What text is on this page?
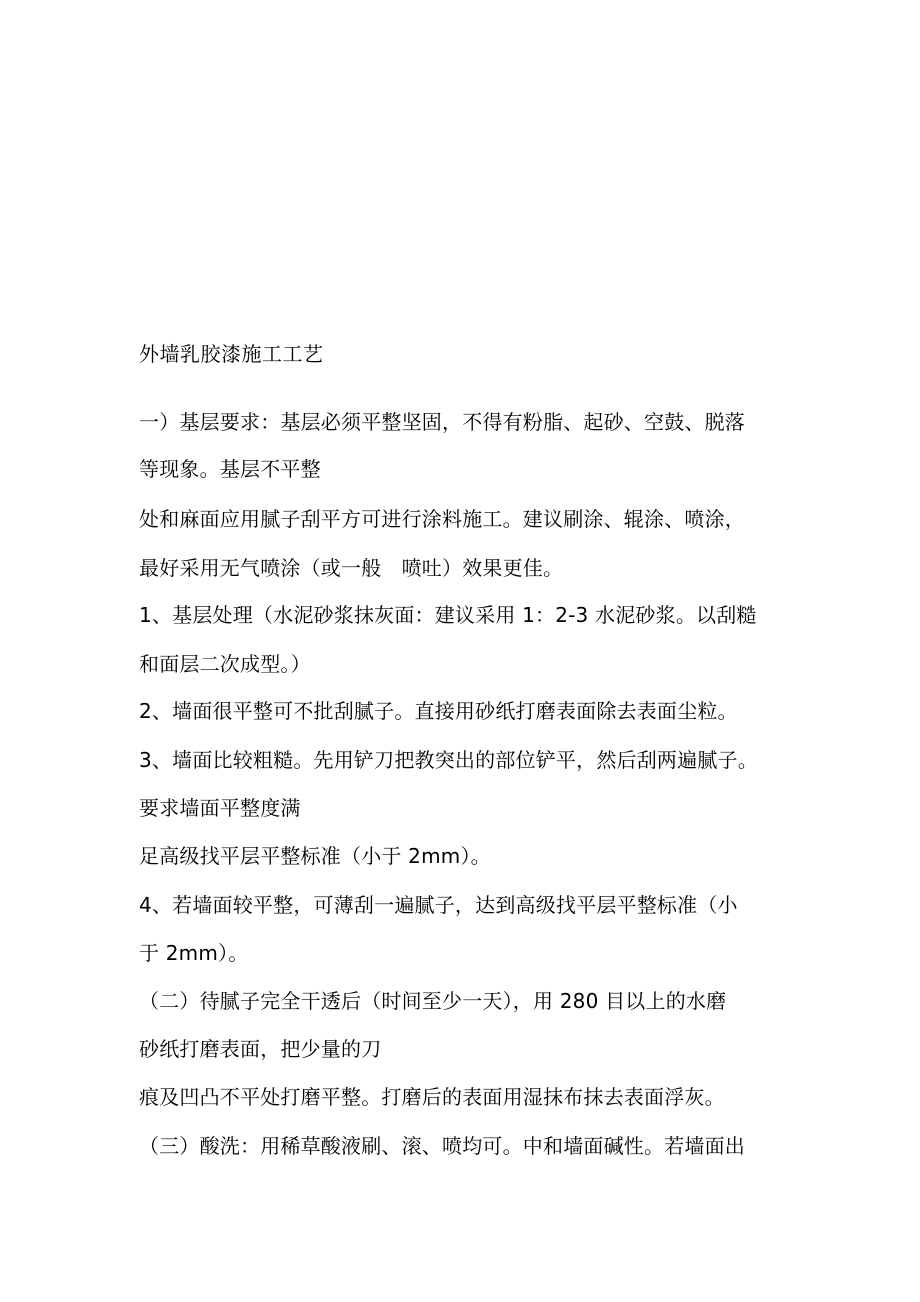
外墙乳胶漆施工工艺
一）基层要求：基层必须平整坚固，不得有粉脂、起砂、空鼓、脱落
等现象。基层不平整
处和麻面应用腻子刮平方可进行涂料施工。建议刷涂、辊涂、喷涂，
最好采用无气喷涂（或一般　喷吐）效果更佳。
1、基层处理（水泥砂浆抹灰面：建议采用 1：2-3 水泥砂浆。以刮糙
和面层二次成型。）
2、墙面很平整可不批刮腻子。直接用砂纸打磨表面除去表面尘粒。
3、墙面比较粗糙。先用铲刀把教突出的部位铲平，然后刮两遍腻子。
要求墙面平整度满
足高级找平层平整标准（小于 2mm）。
4、若墙面较平整，可薄刮一遍腻子，达到高级找平层平整标准（小
于 2mm）。
（二）待腻子完全干透后（时间至少一天），用 280 目以上的水磨
砂纸打磨表面，把少量的刀
痕及凹凸不平处打磨平整。打磨后的表面用湿抹布抹去表面浮灰。
（三）酸洗：用稀草酸液刷、滚、喷均可。中和墙面碱性。若墙面出
